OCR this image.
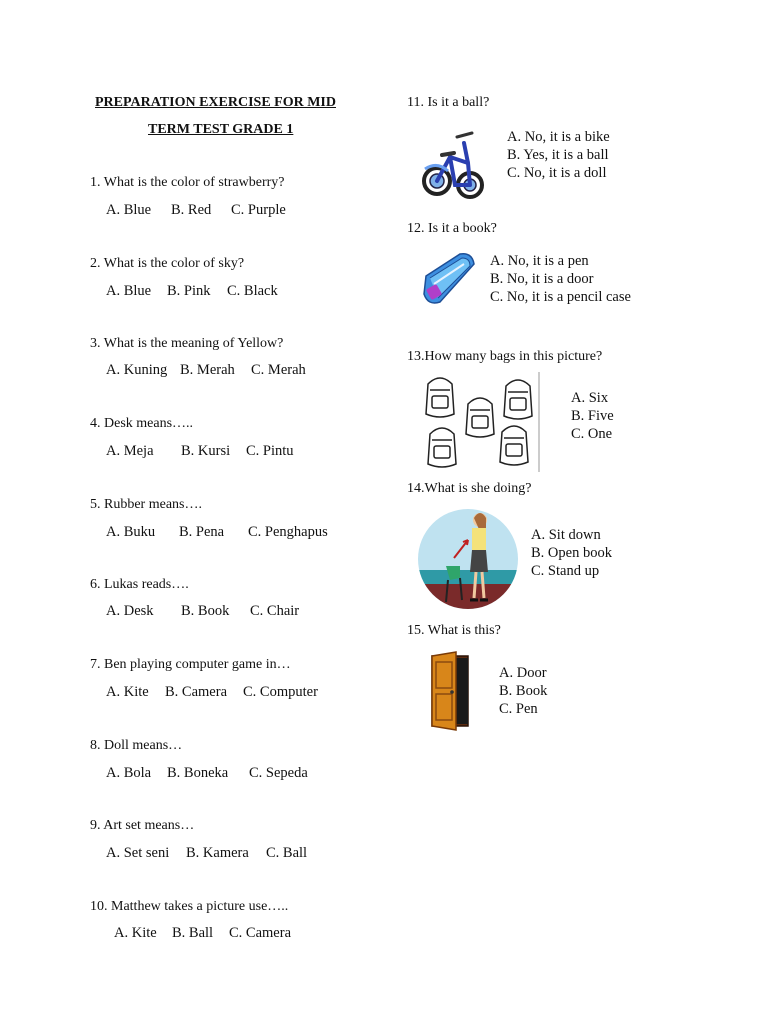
PREPARATION EXERCISE FOR MID
TERM TEST GRADE 1
1. What is the color of strawberry?
A. Blue B. Red C. Purple
2. What is the color of sky?
A. Blue B. Pink C. Black
3. What is the meaning of Yellow?
A. Kuning B. Merah C. Merah
4. Desk means…..
A. Meja B. Kursi C. Pintu
5. Rubber means….
A. Buku B. Pena C. Penghapus
6. Lukas reads….
A. Desk B. Book C. Chair
7. Ben playing computer game in…
A. Kite B. Camera C. Computer
8. Doll means…
A. Bola B. Boneka C. Sepeda
9. Art set means…
A. Set seni B. Kamera C. Ball
10. Matthew takes a picture use…..
A. Kite B. Ball C. Camera
11. Is it a ball?
A. No, it is a bike
B. Yes, it is a ball
C. No, it is a doll
12. Is it a book?
A. No, it is a pen
B. No, it is a door
C. No, it is a pencil case
13.How many bags in this picture?
A. Six
B. Five
C. One
14.What is she doing?
A. Sit down
B. Open book
C. Stand up
15. What is this?
A. Door
B. Book
C. Pen
